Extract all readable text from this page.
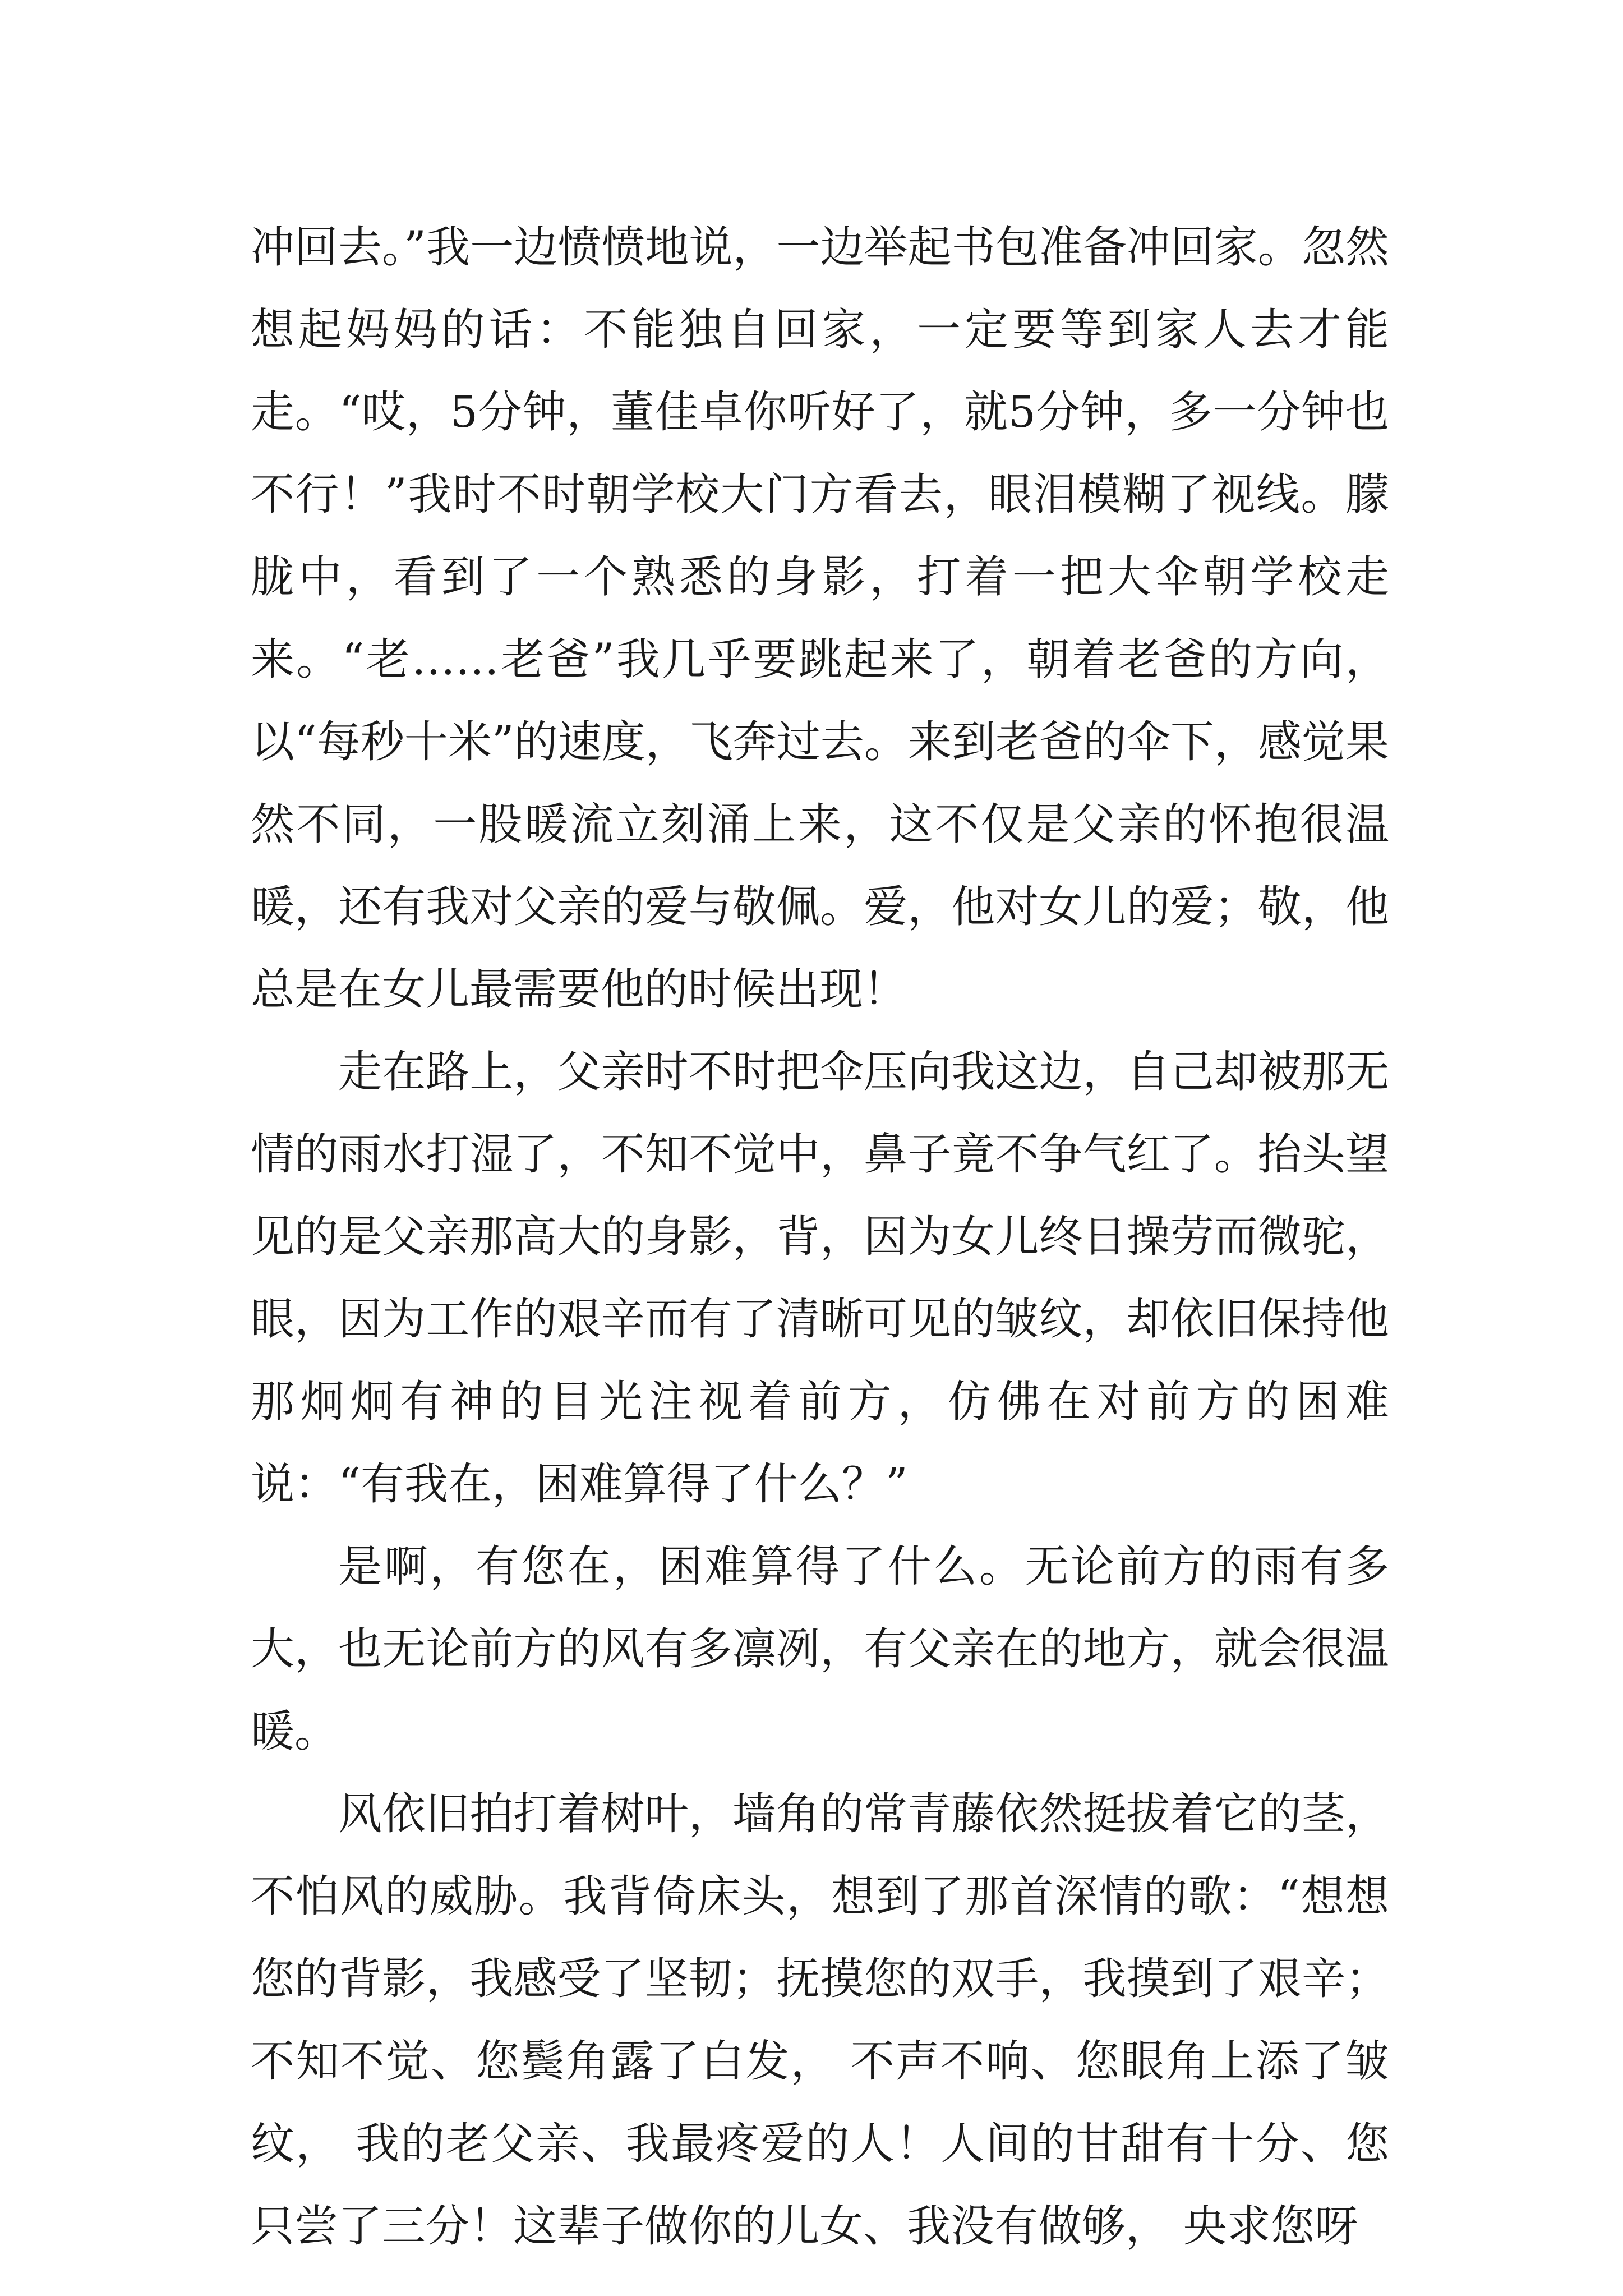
冲回去。”我一边愤愤地说，一边举起书包准备冲回家。忽然想起妈妈的话：不能独自回家，一定要等到家人去才能走。“哎，5分钟，董佳卓你听好了，就5分钟，多一分钟也不行！”我时不时朝学校大门方看去，眼泪模糊了视线。朦胧中，看到了一个熟悉的身影，打着一把大伞朝学校走来。“老……老爸”我几乎要跳起来了，朝着老爸的方向，以“每秒十米”的速度，飞奔过去。来到老爸的伞下，感觉果然不同，一股暖流立刻涌上来，这不仅是父亲的怀抱很温暖，还有我对父亲的爱与敬佩。爱，他对女儿的爱；敬，他总是在女儿最需要他的时候出现！

走在路上，父亲时不时把伞压向我这边，自己却被那无情的雨水打湿了，不知不觉中，鼻子竟不争气红了。抬头望见的是父亲那高大的身影，背，因为女儿终日操劳而微驼，眼，因为工作的艰辛而有了清晰可见的皱纹，却依旧保持他那炯炯有神的目光注视着前方，仿佛在对前方的困难说：“有我在，困难算得了什么？”

是啊，有您在，困难算得了什么。无论前方的雨有多大，也无论前方的风有多凛冽，有父亲在的地方，就会很温暖。

风依旧拍打着树叶，墙角的常青藤依然挺拔着它的茎，不怕风的威胁。我背倚床头，想到了那首深情的歌：“想想您的背影，我感受了坚韧；抚摸您的双手，我摸到了艰辛；不知不觉、您鬓角露了白发， 不声不响、您眼角上添了皱纹， 我的老父亲、我最疼爱的人！人间的甘甜有十分、您只尝了三分！这辈子做你的儿女、我没有做够， 央求您呀
